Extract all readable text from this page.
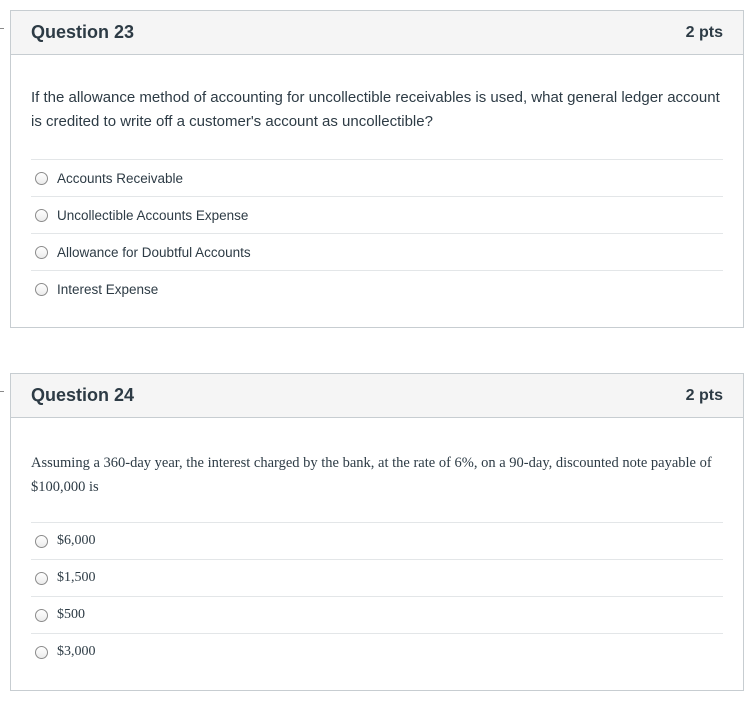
Question 23	2 pts
If the allowance method of accounting for uncollectible receivables is used, what general ledger account is credited to write off a customer's account as uncollectible?
Accounts Receivable
Uncollectible Accounts Expense
Allowance for Doubtful Accounts
Interest Expense
Question 24	2 pts
Assuming a 360-day year, the interest charged by the bank, at the rate of 6%, on a 90-day, discounted note payable of $100,000 is
$6,000
$1,500
$500
$3,000
